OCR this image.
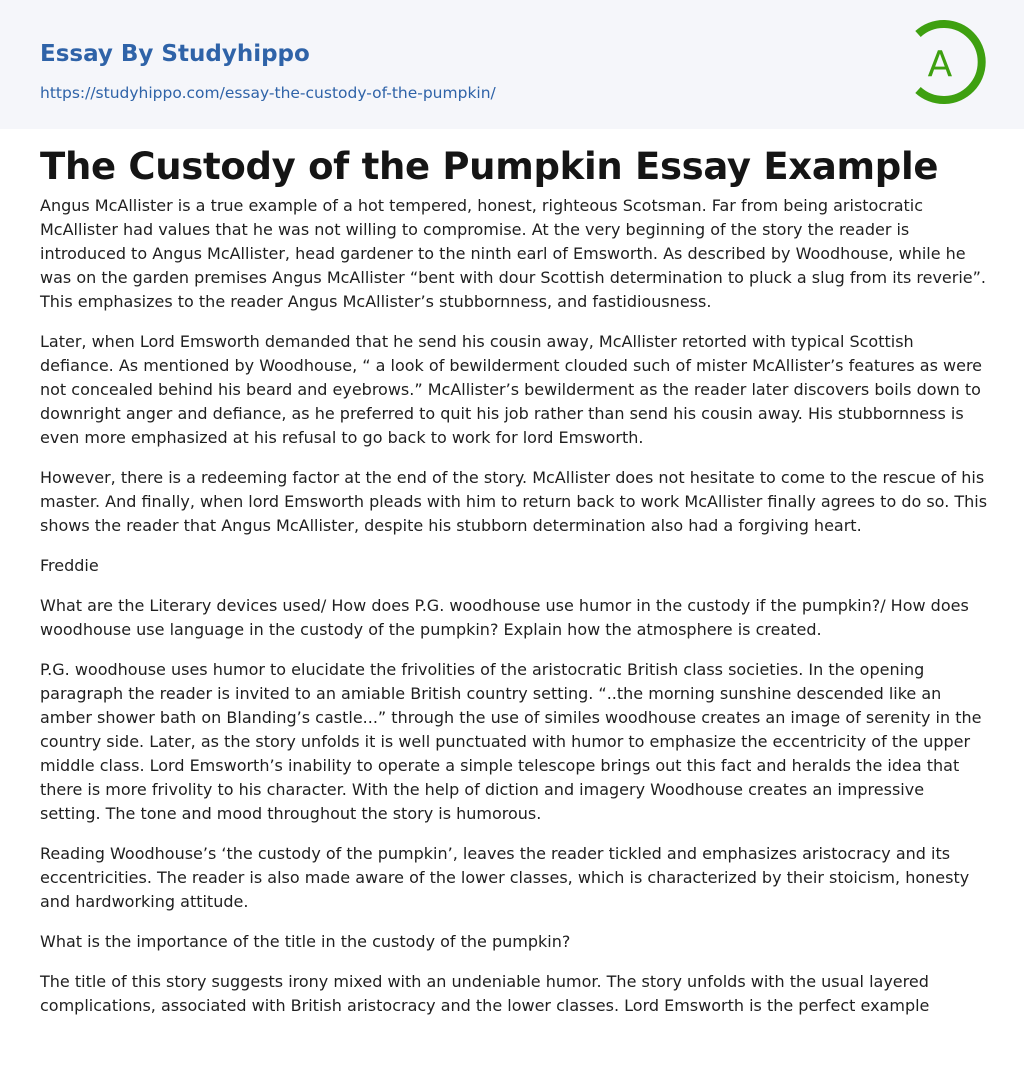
Essay By Studyhippo
https://studyhippo.com/essay-the-custody-of-the-pumpkin/
A
The Custody of the Pumpkin Essay Example

Angus McAllister is a true example of a hot tempered, honest, righteous Scotsman. Far from being aristocratic McAllister had values that he was not willing to compromise. At the very beginning of the story the reader is introduced to Angus McAllister, head gardener to the ninth earl of Emsworth. As described by Woodhouse, while he was on the garden premises Angus McAllister “bent with dour Scottish determination to pluck a slug from its reverie”. This emphasizes to the reader Angus McAllister’s stubbornness, and fastidiousness.

Later, when Lord Emsworth demanded that he send his cousin away, McAllister retorted with typical Scottish defiance. As mentioned by Woodhouse, “ a look of bewilderment clouded such of mister McAllister’s features as were not concealed behind his beard and eyebrows.” McAllister’s bewilderment as the reader later discovers boils down to downright anger and defiance, as he preferred to quit his job rather than send his cousin away. His stubbornness is even more emphasized at his refusal to go back to work for lord Emsworth.

However, there is a redeeming factor at the end of the story. McAllister does not hesitate to come to the rescue of his master. And finally, when lord Emsworth pleads with him to return back to work McAllister finally agrees to do so. This shows the reader that Angus McAllister, despite his stubborn determination also had a forgiving heart.

Freddie

What are the Literary devices used/ How does P.G. woodhouse use humor in the custody if the pumpkin?/ How does woodhouse use language in the custody of the pumpkin? Explain how the atmosphere is created.

P.G. woodhouse uses humor to elucidate the frivolities of the aristocratic British class societies. In the opening paragraph the reader is invited to an amiable British country setting. “..the morning sunshine descended like an amber shower bath on Blanding’s castle...” through the use of similes woodhouse creates an image of serenity in the country side. Later, as the story unfolds it is well punctuated with humor to emphasize the eccentricity of the upper middle class. Lord Emsworth’s inability to operate a simple telescope brings out this fact and heralds the idea that there is more frivolity to his character. With the help of diction and imagery Woodhouse creates an impressive setting. The tone and mood throughout the story is humorous.

Reading Woodhouse’s ‘the custody of the pumpkin’, leaves the reader tickled and emphasizes aristocracy and its eccentricities. The reader is also made aware of the lower classes, which is characterized by their stoicism, honesty and hardworking attitude.

What is the importance of the title in the custody of the pumpkin?

The title of this story suggests irony mixed with an undeniable humor. The story unfolds with the usual layered complications, associated with British aristocracy and the lower classes. Lord Emsworth is the perfect example
